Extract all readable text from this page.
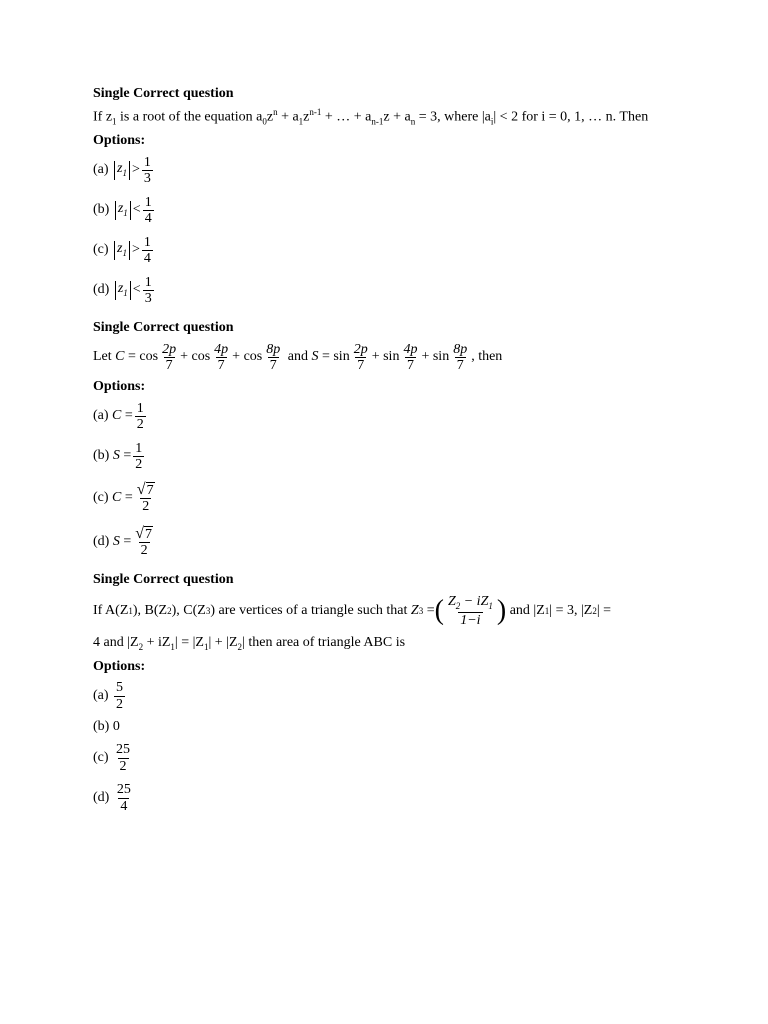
Single Correct question
If $z_1$ is a root of the equation $a_0z^n + a_1z^{n-1}$ + … + $a_{n-1}z + a_n = 3$, where $|a_i| < 2$ for i = 0, 1, … n. Then
Options:
(a)
$z_1 > \frac{1}{3}$
(b)
$z_1 < \frac{1}{4}$
(c)
$z_1 > \frac{1}{4}$
(d)
$z_1 < \frac{1}{3}$
Single Correct question
Let
C
=
$\cos \frac{2p}{7}$ +
$\cos \frac{4p}{7}$ +
$\cos \frac{8p}{7}$
and
S
=
$\sin \frac{2p}{7}$ +
$\sin \frac{4p}{7}$ +
$\sin \frac{8p}{7}$ , then
Options:
(a)
C
= $\frac{1}{2}$
(b)
S
= $\frac{1}{2}$
(c)
C
= $\frac{√ 7}{2}$
(d)
S
= $\frac{√ 7}{2}$
Single Correct question
If A(Z 1 ), B(Z 2 ), C(Z 3 ) are vertices of a triangle such that
Z 3
= ( $\frac{Z_2 - iZ_1}{1-i}$ )
and |Z 1 | = 3, |Z 2 | =
4 and $|Z_2 + iZ_1| = |Z_1| + |Z_2|$ then area of triangle ABC is
Options:
(a)
$\frac{5}{2}$
(b)
0
(c)
$\frac{25}{2}$
(d)
$\frac{25}{4}$
